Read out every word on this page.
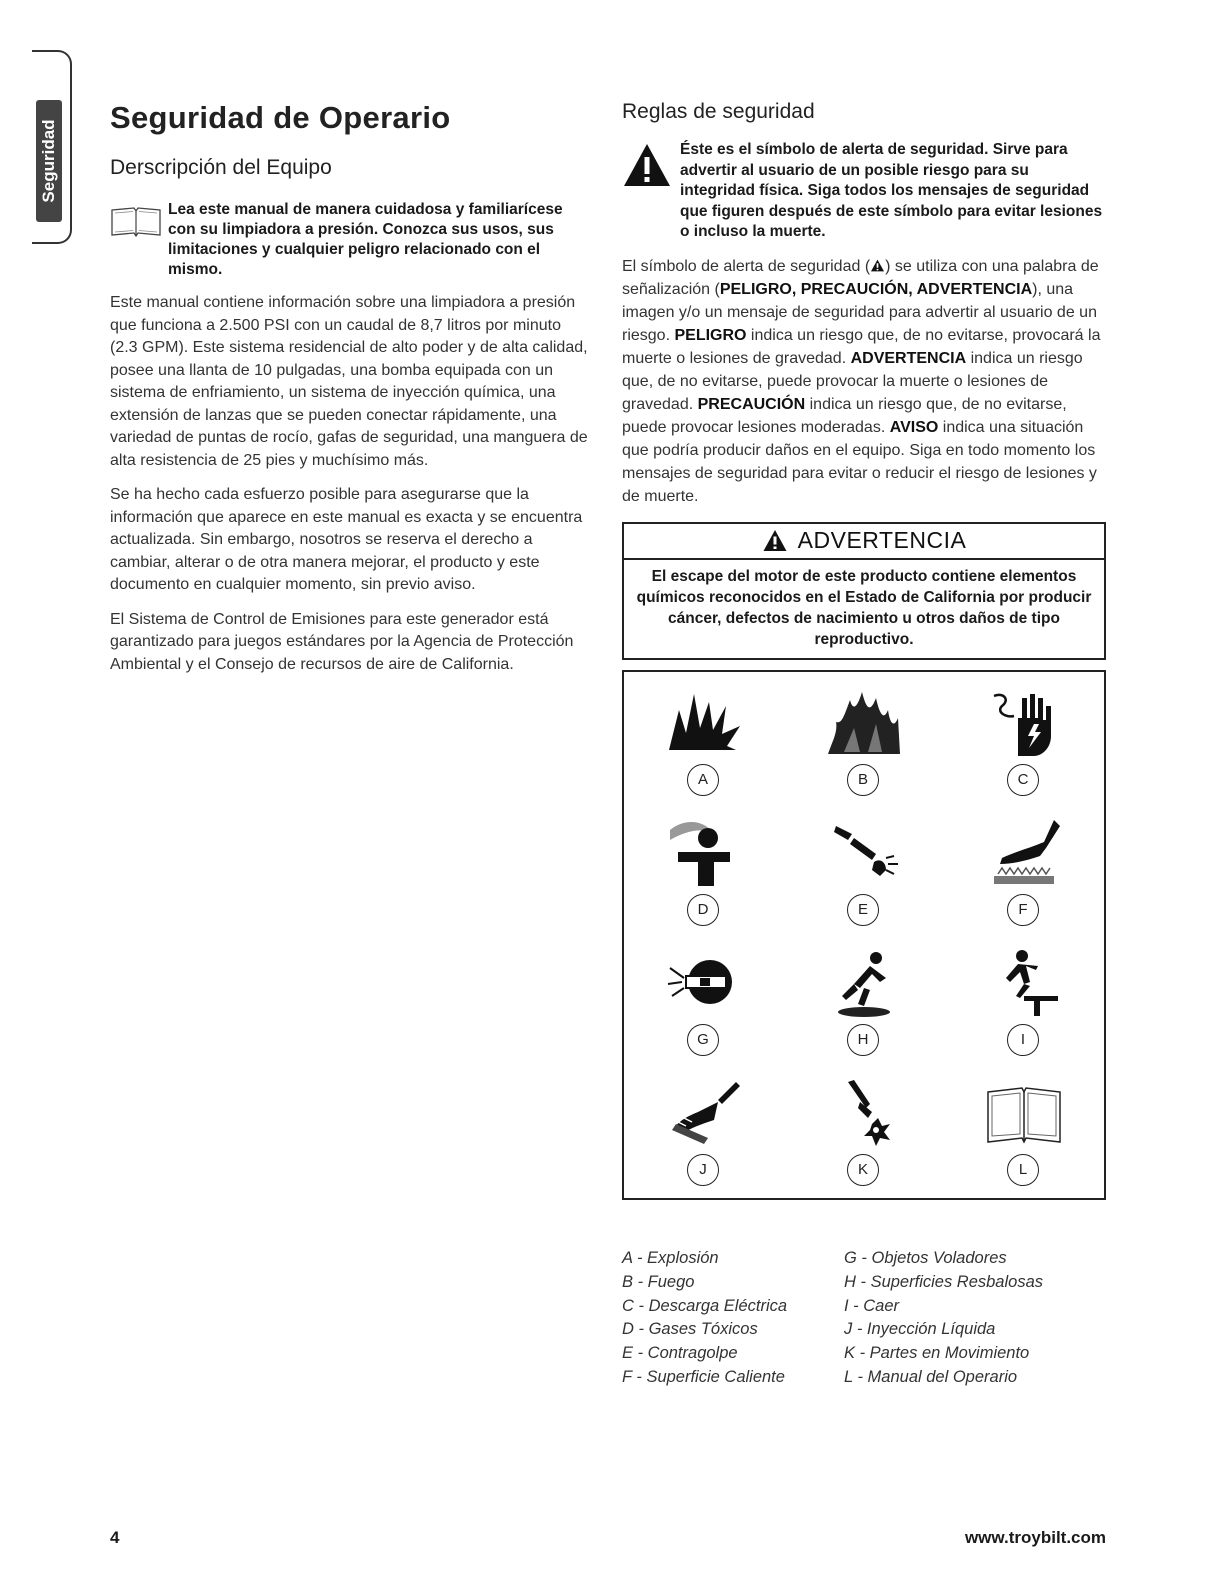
Seguridad
Seguridad de Operario
Derscripción del Equipo
Lea este manual de manera cuidadosa y familiarícese con su limpiadora a presión. Conozca sus usos, sus limitaciones y cualquier peligro relacionado con el mismo.

Este manual contiene información sobre una limpiadora a presión que funciona a 2.500 PSI con un caudal de 8,7 litros por minuto (2.3 GPM). Este sistema residencial de alto poder y de alta calidad, posee una llanta de 10 pulgadas, una bomba equipada con un sistema de enfriamiento, un sistema de inyección química, una extensión de lanzas que se pueden conectar rápidamente, una variedad de puntas de rocío, gafas de seguridad, una manguera de alta resistencia de 25 pies y muchísimo más.

Se ha hecho cada esfuerzo posible para asegurarse que la información que aparece en este manual es exacta y se encuentra actualizada. Sin embargo, nosotros se reserva el derecho a cambiar, alterar o de otra manera mejorar, el producto y este documento en cualquier momento, sin previo aviso.

El Sistema de Control de Emisiones para este generador está garantizado para juegos estándares por la Agencia de Protección Ambiental y el Consejo de recursos de aire de California.

Reglas de seguridad
Éste es el símbolo de alerta de seguridad. Sirve para advertir al usuario de un posible riesgo para su integridad física. Siga todos los mensajes de seguridad que figuren después de este símbolo para evitar lesiones o incluso la muerte.

El símbolo de alerta de seguridad ( ) se utiliza con una palabra de señalización (PELIGRO, PRECAUCIÓN, ADVERTENCIA), una imagen y/o un mensaje de seguridad para advertir al usuario de un riesgo. PELIGRO indica un riesgo que, de no evitarse, provocará la muerte o lesiones de gravedad. ADVERTENCIA indica un riesgo que, de no evitarse, puede provocar la muerte o lesiones de gravedad. PRECAUCIÓN indica un riesgo que, de no evitarse, puede provocar lesiones moderadas. AVISO indica una situación que podría producir daños en el equipo. Siga en todo momento los mensajes de seguridad para evitar o reducir el riesgo de lesiones y de muerte.

ADVERTENCIA
El escape del motor de este producto contiene elementos químicos reconocidos en el Estado de California por producir cáncer, defectos de nacimiento u otros daños de tipo reproductivo.
A	B	C
D	E	F
G	H	I
J	K	L
A - Explosión
B - Fuego
C - Descarga Eléctrica
D - Gases Tóxicos
E - Contragolpe
F - Superficie Caliente
G - Objetos Voladores
H - Superficies Resbalosas
I - Caer
J - Inyección Líquida
K - Partes en Movimiento
L - Manual del Operario
4	www.troybilt.com
